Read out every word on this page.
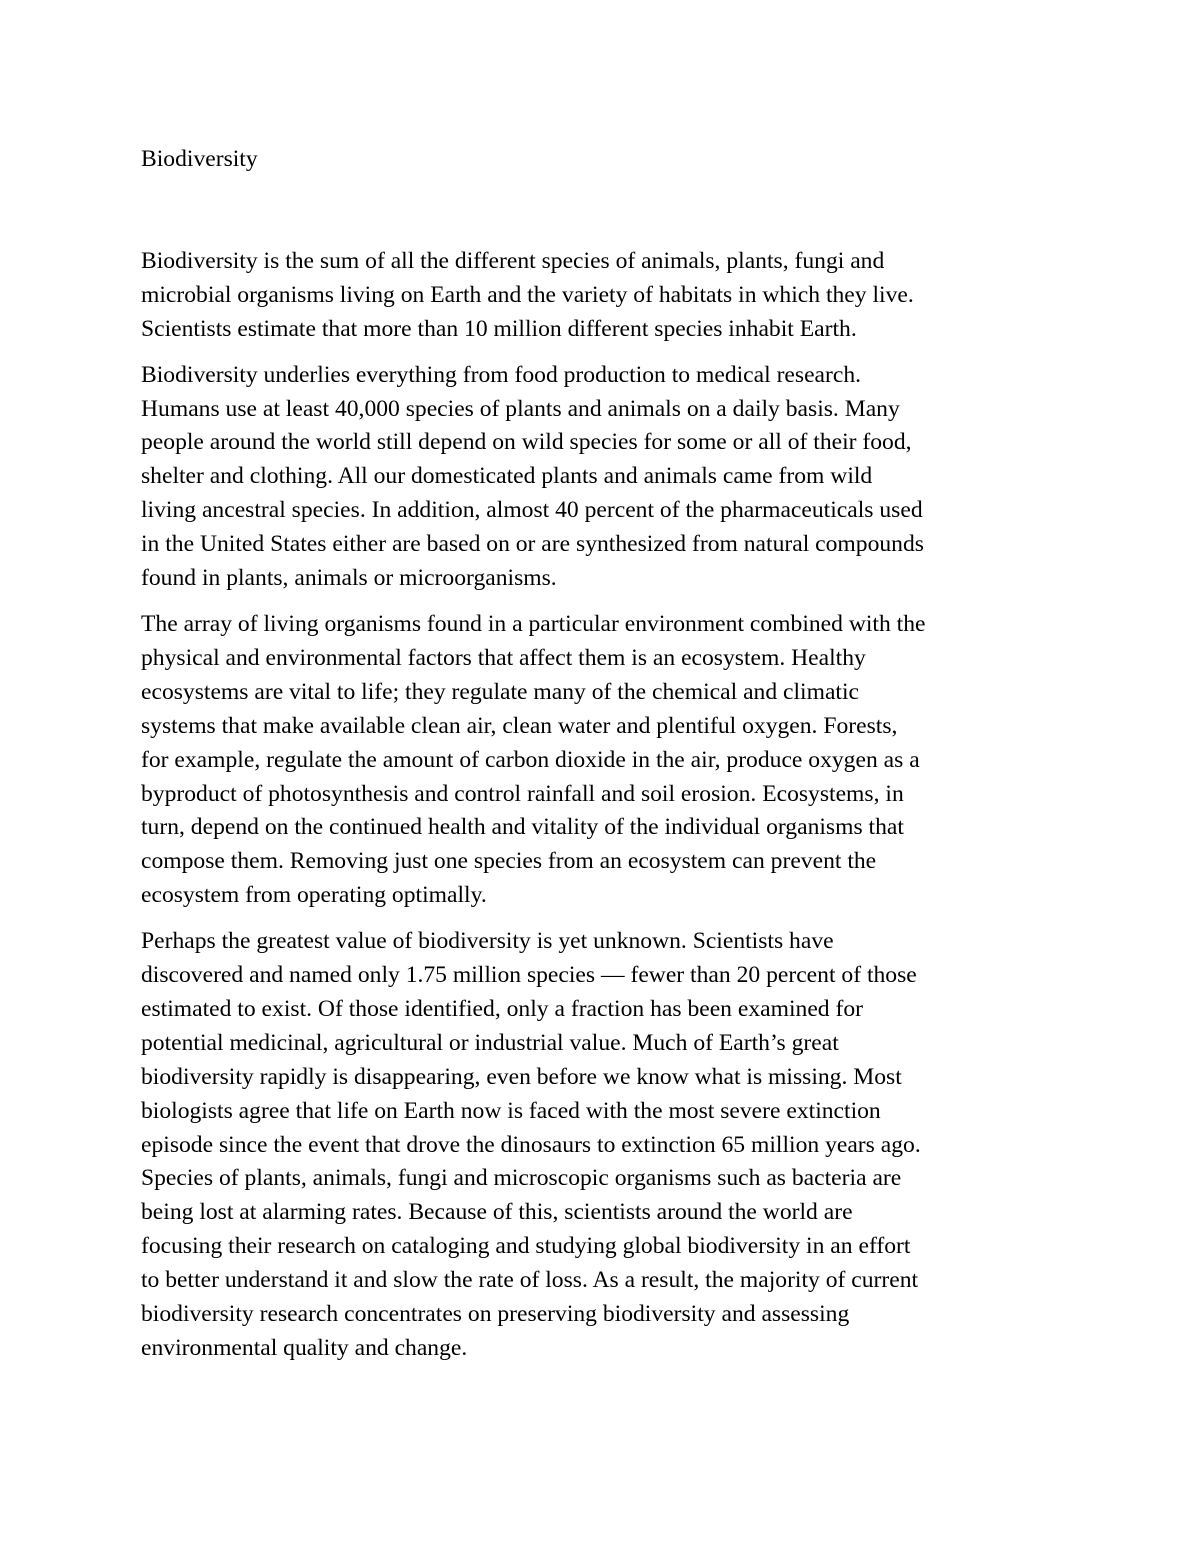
Biodiversity

Biodiversity is the sum of all the different species of animals, plants, fungi and
microbial organisms living on Earth and the variety of habitats in which they live.
Scientists estimate that more than 10 million different species inhabit Earth.

Biodiversity underlies everything from food production to medical research.
Humans use at least 40,000 species of plants and animals on a daily basis. Many
people around the world still depend on wild species for some or all of their food,
shelter and clothing. All our domesticated plants and animals came from wild
living ancestral species. In addition, almost 40 percent of the pharmaceuticals used
in the United States either are based on or are synthesized from natural compounds
found in plants, animals or microorganisms.

The array of living organisms found in a particular environment combined with the
physical and environmental factors that affect them is an ecosystem. Healthy
ecosystems are vital to life; they regulate many of the chemical and climatic
systems that make available clean air, clean water and plentiful oxygen. Forests,
for example, regulate the amount of carbon dioxide in the air, produce oxygen as a
byproduct of photosynthesis and control rainfall and soil erosion. Ecosystems, in
turn, depend on the continued health and vitality of the individual organisms that
compose them. Removing just one species from an ecosystem can prevent the
ecosystem from operating optimally.

Perhaps the greatest value of biodiversity is yet unknown. Scientists have
discovered and named only 1.75 million species — fewer than 20 percent of those
estimated to exist. Of those identified, only a fraction has been examined for
potential medicinal, agricultural or industrial value. Much of Earth’s great
biodiversity rapidly is disappearing, even before we know what is missing. Most
biologists agree that life on Earth now is faced with the most severe extinction
episode since the event that drove the dinosaurs to extinction 65 million years ago.
Species of plants, animals, fungi and microscopic organisms such as bacteria are
being lost at alarming rates. Because of this, scientists around the world are
focusing their research on cataloging and studying global biodiversity in an effort
to better understand it and slow the rate of loss. As a result, the majority of current
biodiversity research concentrates on preserving biodiversity and assessing
environmental quality and change.
